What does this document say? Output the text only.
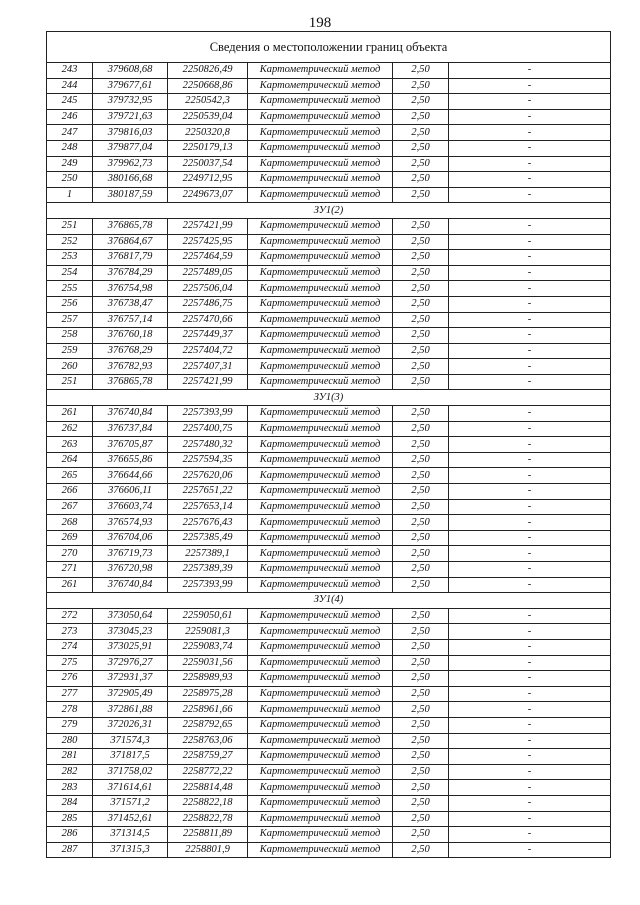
198
Сведения о местоположении границ объекта					
243	379608,68	2250826,49	Картометрический метод	2,50	-
244	379677,61	2250668,86	Картометрический метод	2,50	-
245	379732,95	2250542,3	Картометрический метод	2,50	-
246	379721,63	2250539,04	Картометрический метод	2,50	-
247	379816,03	2250320,8	Картометрический метод	2,50	-
248	379877,04	2250179,13	Картометрический метод	2,50	-
249	379962,73	2250037,54	Картометрический метод	2,50	-
250	380166,68	2249712,95	Картометрический метод	2,50	-
1	380187,59	2249673,07	Картометрический метод	2,50	-
ЗУ1(2)					
251	376865,78	2257421,99	Картометрический метод	2,50	-
252	376864,67	2257425,95	Картометрический метод	2,50	-
253	376817,79	2257464,59	Картометрический метод	2,50	-
254	376784,29	2257489,05	Картометрический метод	2,50	-
255	376754,98	2257506,04	Картометрический метод	2,50	-
256	376738,47	2257486,75	Картометрический метод	2,50	-
257	376757,14	2257470,66	Картометрический метод	2,50	-
258	376760,18	2257449,37	Картометрический метод	2,50	-
259	376768,29	2257404,72	Картометрический метод	2,50	-
260	376782,93	2257407,31	Картометрический метод	2,50	-
251	376865,78	2257421,99	Картометрический метод	2,50	-
ЗУ1(3)					
261	376740,84	2257393,99	Картометрический метод	2,50	-
262	376737,84	2257400,75	Картометрический метод	2,50	-
263	376705,87	2257480,32	Картометрический метод	2,50	-
264	376655,86	2257594,35	Картометрический метод	2,50	-
265	376644,66	2257620,06	Картометрический метод	2,50	-
266	376606,11	2257651,22	Картометрический метод	2,50	-
267	376603,74	2257653,14	Картометрический метод	2,50	-
268	376574,93	2257676,43	Картометрический метод	2,50	-
269	376704,06	2257385,49	Картометрический метод	2,50	-
270	376719,73	2257389,1	Картометрический метод	2,50	-
271	376720,98	2257389,39	Картометрический метод	2,50	-
261	376740,84	2257393,99	Картометрический метод	2,50	-
ЗУ1(4)					
272	373050,64	2259050,61	Картометрический метод	2,50	-
273	373045,23	2259081,3	Картометрический метод	2,50	-
274	373025,91	2259083,74	Картометрический метод	2,50	-
275	372976,27	2259031,56	Картометрический метод	2,50	-
276	372931,37	2258989,93	Картометрический метод	2,50	-
277	372905,49	2258975,28	Картометрический метод	2,50	-
278	372861,88	2258961,66	Картометрический метод	2,50	-
279	372026,31	2258792,65	Картометрический метод	2,50	-
280	371574,3	2258763,06	Картометрический метод	2,50	-
281	371817,5	2258759,27	Картометрический метод	2,50	-
282	371758,02	2258772,22	Картометрический метод	2,50	-
283	371614,61	2258814,48	Картометрический метод	2,50	-
284	371571,2	2258822,18	Картометрический метод	2,50	-
285	371452,61	2258822,78	Картометрический метод	2,50	-
286	371314,5	2258811,89	Картометрический метод	2,50	-
287	371315,3	2258801,9	Картометрический метод	2,50	-
